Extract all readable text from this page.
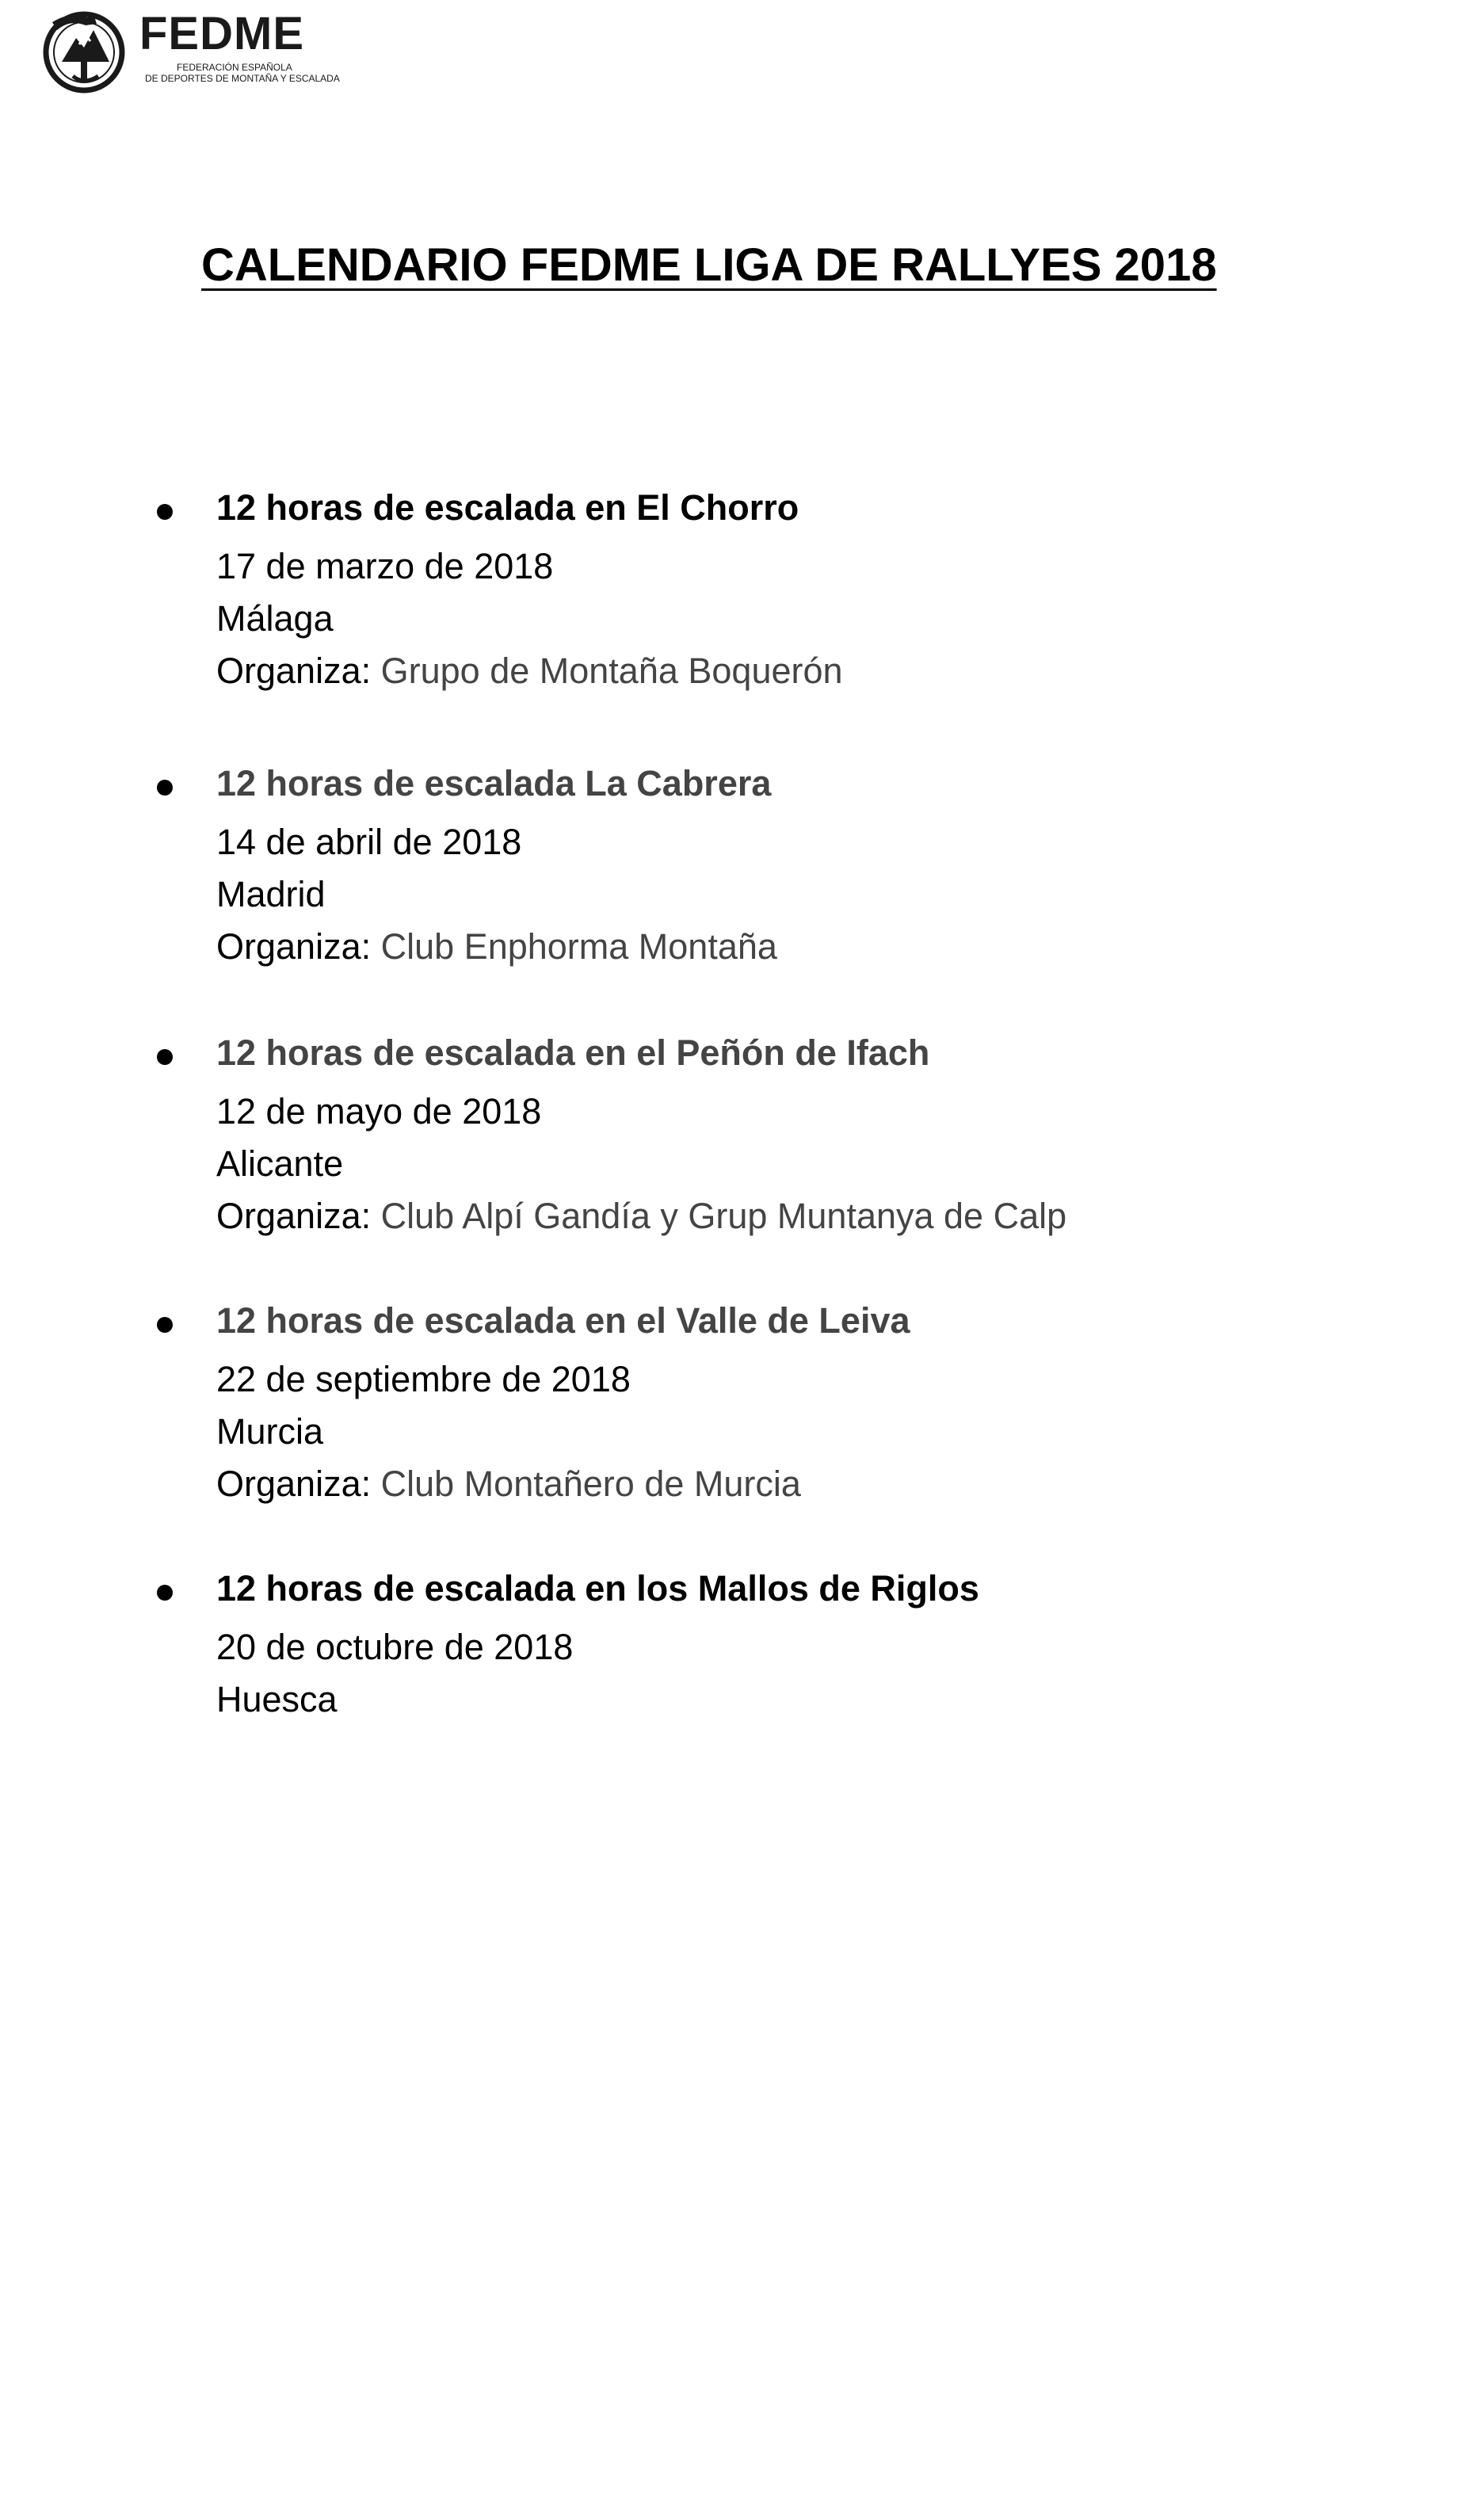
FEDME
FEDERACIÓN ESPAÑOLA
DE DEPORTES DE MONTAÑA Y ESCALADA
CALENDARIO FEDME LIGA DE RALLYES 2018
12 horas de escalada en El Chorro
17 de marzo de 2018
Málaga
Organiza: Grupo de Montaña Boquerón
12 horas de escalada La Cabrera
14 de abril de 2018
Madrid
Organiza: Club Enphorma Montaña
12 horas de escalada en el Peñón de Ifach
12 de mayo de 2018
Alicante
Organiza: Club Alpí Gandía y Grup Muntanya de Calp
12 horas de escalada en el Valle de Leiva
22 de septiembre de 2018
Murcia
Organiza: Club Montañero de Murcia
12 horas de escalada en los Mallos de Riglos
20 de octubre de 2018
Huesca
